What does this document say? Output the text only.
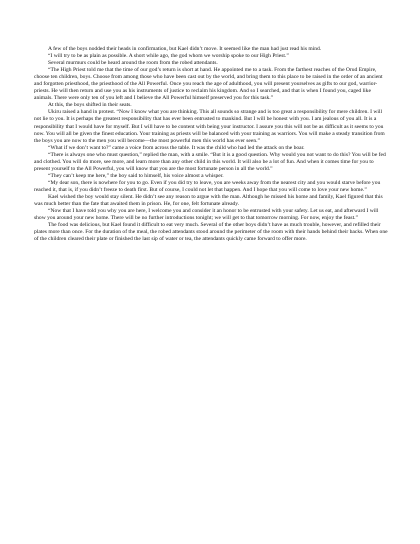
A few of the boys nodded their heads in confirmation, but Kael didn’t move. It seemed like the man had just read his mind.

“I will try to be as plain as possible. A short while ago, the god whom we worship spoke to our High Priest.”

Several murmurs could be heard around the room from the robed attendants.

“The High Priest told me that the time of our god’s return is short at hand. He appointed me to a task. From the farthest reaches of the Orud Empire, choose ten children, boys. Choose from among those who have been cast out by the world, and bring them to this place to be raised in the order of an ancient and forgotten priesthood, the priesthood of the All Powerful. Once you reach the age of adulthood, you will present yourselves as gifts to our god, warrior-priests. He will then return and use you as his instruments of justice to reclaim his kingdom. And so I searched, and that is when I found you, caged like animals. There were only ten of you left and I believe the All Powerful himself preserved you for this task.”

At this, the boys shifted in their seats.

Ukiru raised a hand in protest. “Now I know what you are thinking. This all sounds so strange and is too great a responsibility for mere children. I will not lie to you. It is perhaps the greatest responsibility that has ever been entrusted to mankind. But I will be honest with you. I am jealous of you all. It is a responsibility that I would have for myself. But I will have to be content with being your instructor. I assure you this will not be as difficult as it seems to you now. You will all be given the finest education. Your training as priests will be balanced with your training as warriors. You will make a steady transition from the boys you are now to the men you will become—the most powerful men this world has ever seen.”

“What if we don’t want to?” came a voice from across the table. It was the child who had led the attack on the boar.

“There is always one who must question,” replied the man, with a smile. “But it is a good question. Why would you not want to do this? You will be fed and clothed. You will do more, see more, and learn more than any other child in this world. It will also be a lot of fun. And when it comes time for you to present yourself to the All Powerful, you will know that you are the most fortunate person in all the world.”

“They can’t keep me here,” the boy said to himself, his voice almost a whisper.

“My dear son, there is nowhere for you to go. Even if you did try to leave, you are weeks away from the nearest city and you would starve before you reached it, that is, if you didn’t freeze to death first. But of course, I could not let that happen. And I hope that you will come to love your new home.”

Kael wished the boy would stay silent. He didn’t see any reason to argue with the man. Although he missed his home and family, Kael figured that this was much better than the fate that awaited them in prison. He, for one, felt fortunate already.

“Now that I have told you why you are here, I welcome you and consider it an honor to be entrusted with your safety. Let us eat, and afterward I will show you around your new home. There will be no further introductions tonight; we will get to that tomorrow morning. For now, enjoy the feast.”

The food was delicious, but Kael found it difficult to eat very much. Several of the other boys didn’t have as much trouble, however, and refilled their plates more than once. For the duration of the meal, the robed attendants stood around the perimeter of the room with their hands behind their backs. When one of the children cleared their plate or finished the last sip of water or tea, the attendants quickly came forward to offer more.
